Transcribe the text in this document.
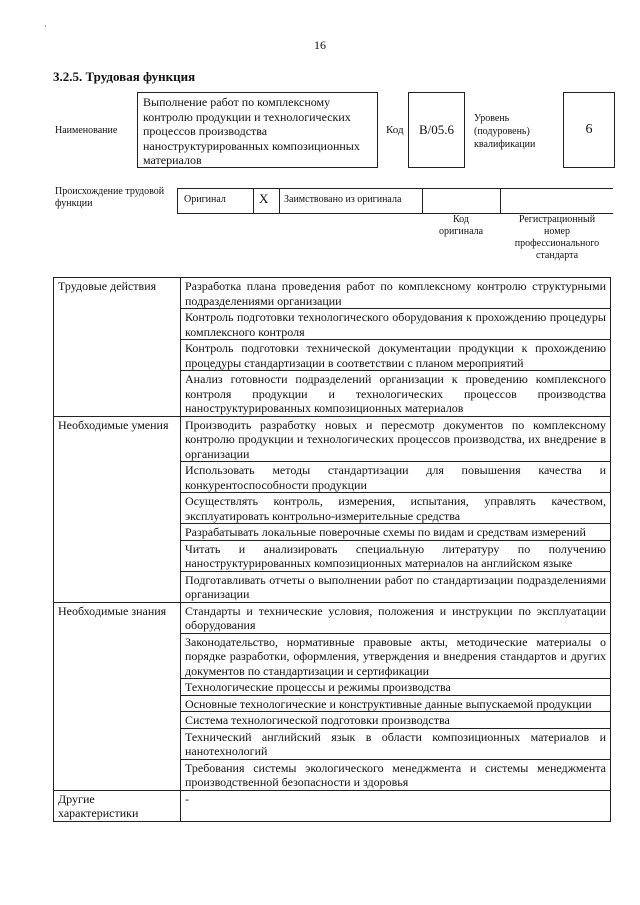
·
16
3.2.5. Трудовая функция
Наименование
Выполнение работ по комплексному контролю продукции и технологических процессов производства наноструктурированных композиционных материалов
Код В/05.6
Уровень (подуровень) квалификации
6
Происхождение трудовой функции	Оригинал	X Заимствовано из оригинала
Код оригинала
Регистрационный номер профессионального стандарта
Трудовые действия	Разработка плана проведения работ по комплексному контролю структурными подразделениями организации
	Контроль подготовки технологического оборудования к прохождению процедуры комплексного контроля
	Контроль подготовки технической документации продукции к прохождению процедуры стандартизации в соответствии с планом мероприятий
	Анализ готовности подразделений организации к проведению комплексного контроля продукции и технологических процессов производства наноструктурированных композиционных материалов
Необходимые умения	Производить разработку новых и пересмотр документов по комплексному контролю продукции и технологических процессов производства, их внедрение в организации
	Использовать методы стандартизации для повышения качества и конкурентоспособности продукции
	Осуществлять контроль, измерения, испытания, управлять качеством, эксплуатировать контрольно-измерительные средства
	Разрабатывать локальные поверочные схемы по видам и средствам измерений
	Читать и анализировать специальную литературу по получению наноструктурированных композиционных материалов на английском языке
	Подготавливать отчеты о выполнении работ по стандартизации подразделениями организации
Необходимые знания	Стандарты и технические условия, положения и инструкции по эксплуатации оборудования
	Законодательство, нормативные правовые акты, методические материалы о порядке разработки, оформления, утверждения и внедрения стандартов и других документов по стандартизации и сертификации
	Технологические процессы и режимы производства
	Основные технологические и конструктивные данные выпускаемой продукции
	Система технологической подготовки производства
	Технический английский язык в области композиционных материалов и нанотехнологий
	Требования системы экологического менеджмента и системы менеджмента производственной безопасности и здоровья
Другие характеристики	-
